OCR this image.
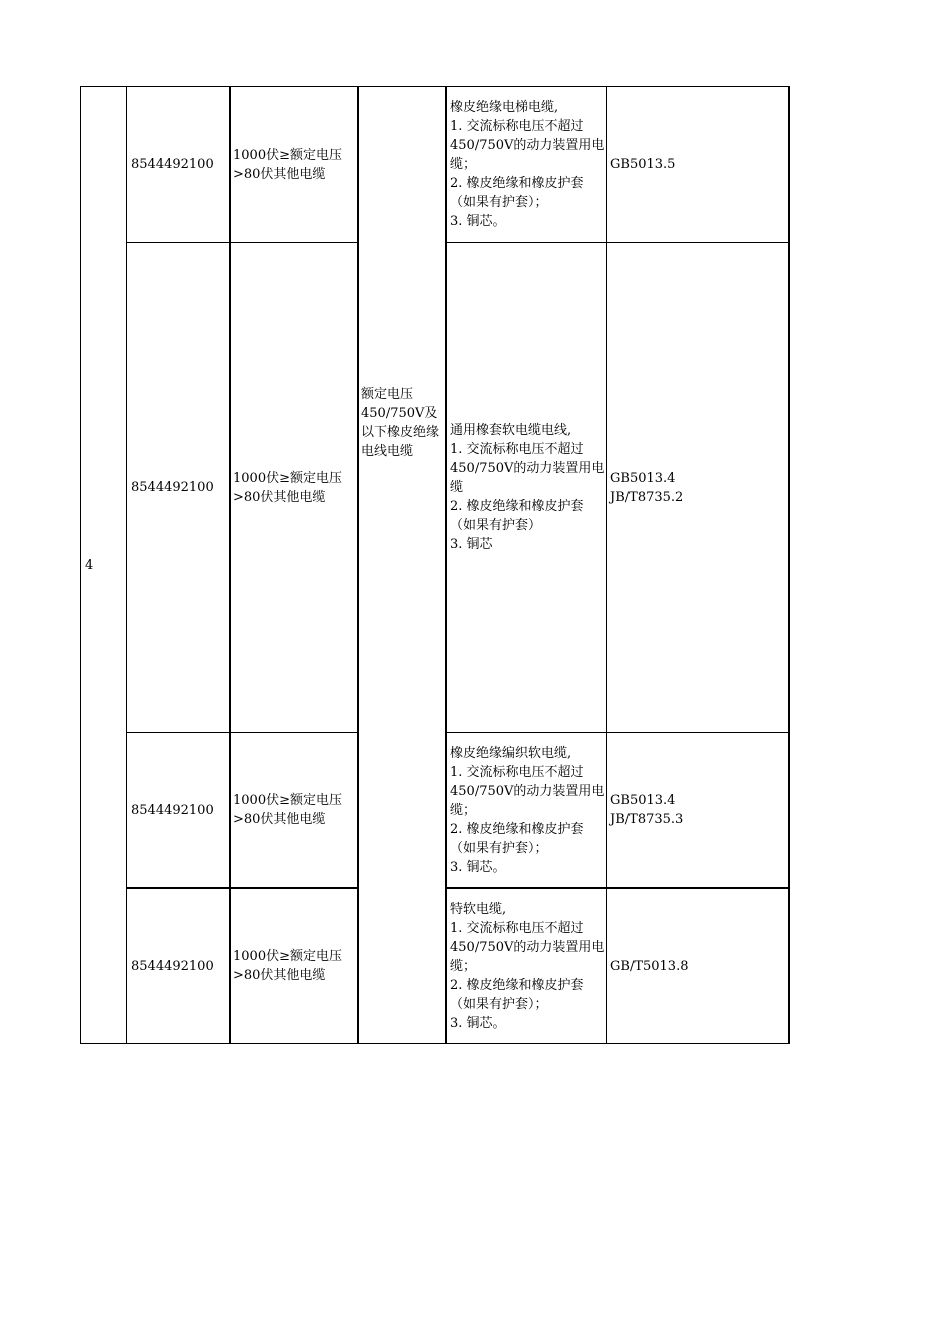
4	8544492100	1000伏≥额定电压>80伏其他电缆	额定电压450/750V及以下橡皮绝缘电线电缆	橡皮绝缘电梯电缆,
1. 交流标称电压不超过450/750V的动力装置用电缆；
2. 橡皮绝缘和橡皮护套（如果有护套）；
3. 铜芯。	GB5013.5
	8544492100	1000伏≥额定电压>80伏其他电缆		通用橡套软电缆电线,
1. 交流标称电压不超过450/750V的动力装置用电缆
2. 橡皮绝缘和橡皮护套（如果有护套）
3. 铜芯	GB5013.4
JB/T8735.2
	8544492100	1000伏≥额定电压>80伏其他电缆		橡皮绝缘编织软电缆,
1. 交流标称电压不超过450/750V的动力装置用电缆；
2. 橡皮绝缘和橡皮护套（如果有护套）；
3. 铜芯。	GB5013.4
JB/T8735.3
	8544492100	1000伏≥额定电压>80伏其他电缆		特软电缆,
1. 交流标称电压不超过450/750V的动力装置用电缆；
2. 橡皮绝缘和橡皮护套（如果有护套）；
3. 铜芯。	GB/T5013.8
